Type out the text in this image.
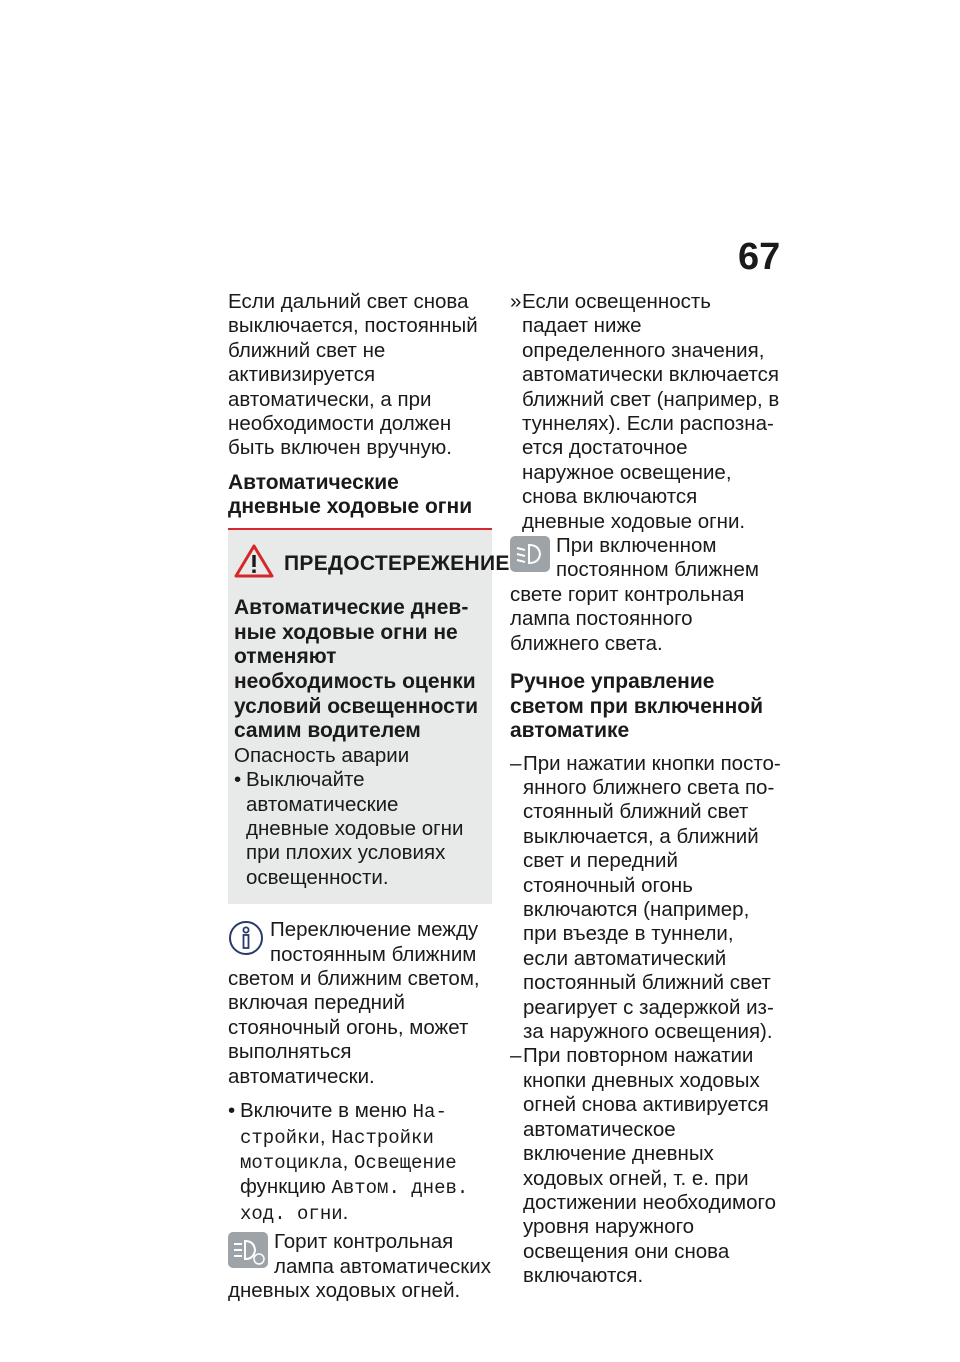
67

Если дальний свет снова выключается, постоянный ближний свет не активизируется автоматически, а при необходимости должен быть включен вручную.

Автоматические дневные ходовые огни

ПРЕДОСТЕРЕЖЕНИЕ

Автоматические дневные ходовые огни не отменяют необходимость оценки условий освещенности самим водителем

Опасность аварии

• Выключайте автоматические дневные ходовые огни при плохих условиях освещенности.

Переключение между постоянным ближним светом и ближним светом, включая передний стояночный огонь, может выполняться автоматически.

• Включите в меню Настройки, Настройки мотоцикла, Освещение функцию Автом. днев. ход. огни.

Горит контрольная лампа автоматических дневных ходовых огней.

» Если освещенность падает ниже определенного значения, автоматически включается ближний свет (например, в туннелях). Если распознается достаточное наружное освещение, снова включаются дневные ходовые огни.

При включенном постоянном ближнем свете горит контрольная лампа постоянного ближнего света.

Ручное управление светом при включенной автоматике

– При нажатии кнопки постоянного ближнего света постоянный ближний свет выключается, а ближний свет и передний стояночный огонь включаются (например, при въезде в туннели, если автоматический постоянный ближний свет реагирует с задержкой из-за наружного освещения).
– При повторном нажатии кнопки дневных ходовых огней снова активируется автоматическое включение дневных ходовых огней, т. е. при достижении необходимого уровня наружного освещения они снова включаются.
